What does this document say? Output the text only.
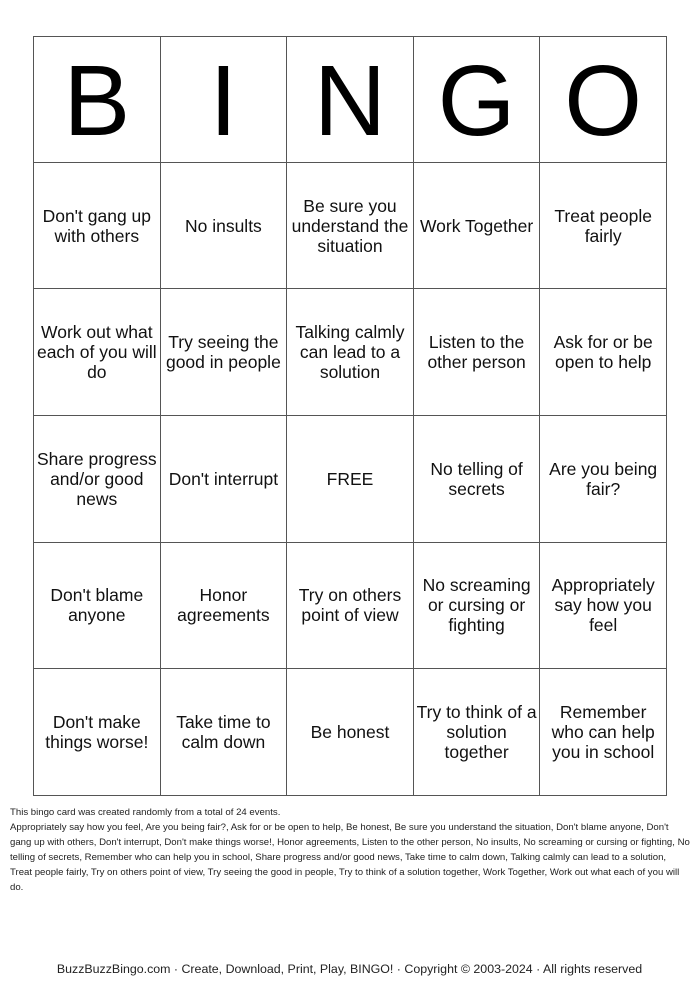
B	I	N	G	O
Don't gang up with others	No insults	Be sure you understand the situation	Work Together	Treat people fairly
Work out what each of you will do	Try seeing the good in people	Talking calmly can lead to a solution	Listen to the other person	Ask for or be open to help
Share progress and/or good news	Don't interrupt	FREE	No telling of secrets	Are you being fair?
Don't blame anyone	Honor agreements	Try on others point of view	No screaming or cursing or fighting	Appropriately say how you feel
Don't make things worse!	Take time to calm down	Be honest	Try to think of a solution together	Remember who can help you in school

This bingo card was created randomly from a total of 24 events.

Appropriately say how you feel, Are you being fair?, Ask for or be open to help, Be honest, Be sure you understand the situation, Don't blame anyone, Don't gang up with others, Don't interrupt, Don't make things worse!, Honor agreements, Listen to the other person, No insults, No screaming or cursing or fighting, No telling of secrets, Remember who can help you in school, Share progress and/or good news, Take time to calm down, Talking calmly can lead to a solution, Treat people fairly, Try on others point of view, Try seeing the good in people, Try to think of a solution together, Work Together, Work out what each of you will do.

BuzzBuzzBingo.com · Create, Download, Print, Play, BINGO! · Copyright © 2003-2024 · All rights reserved
